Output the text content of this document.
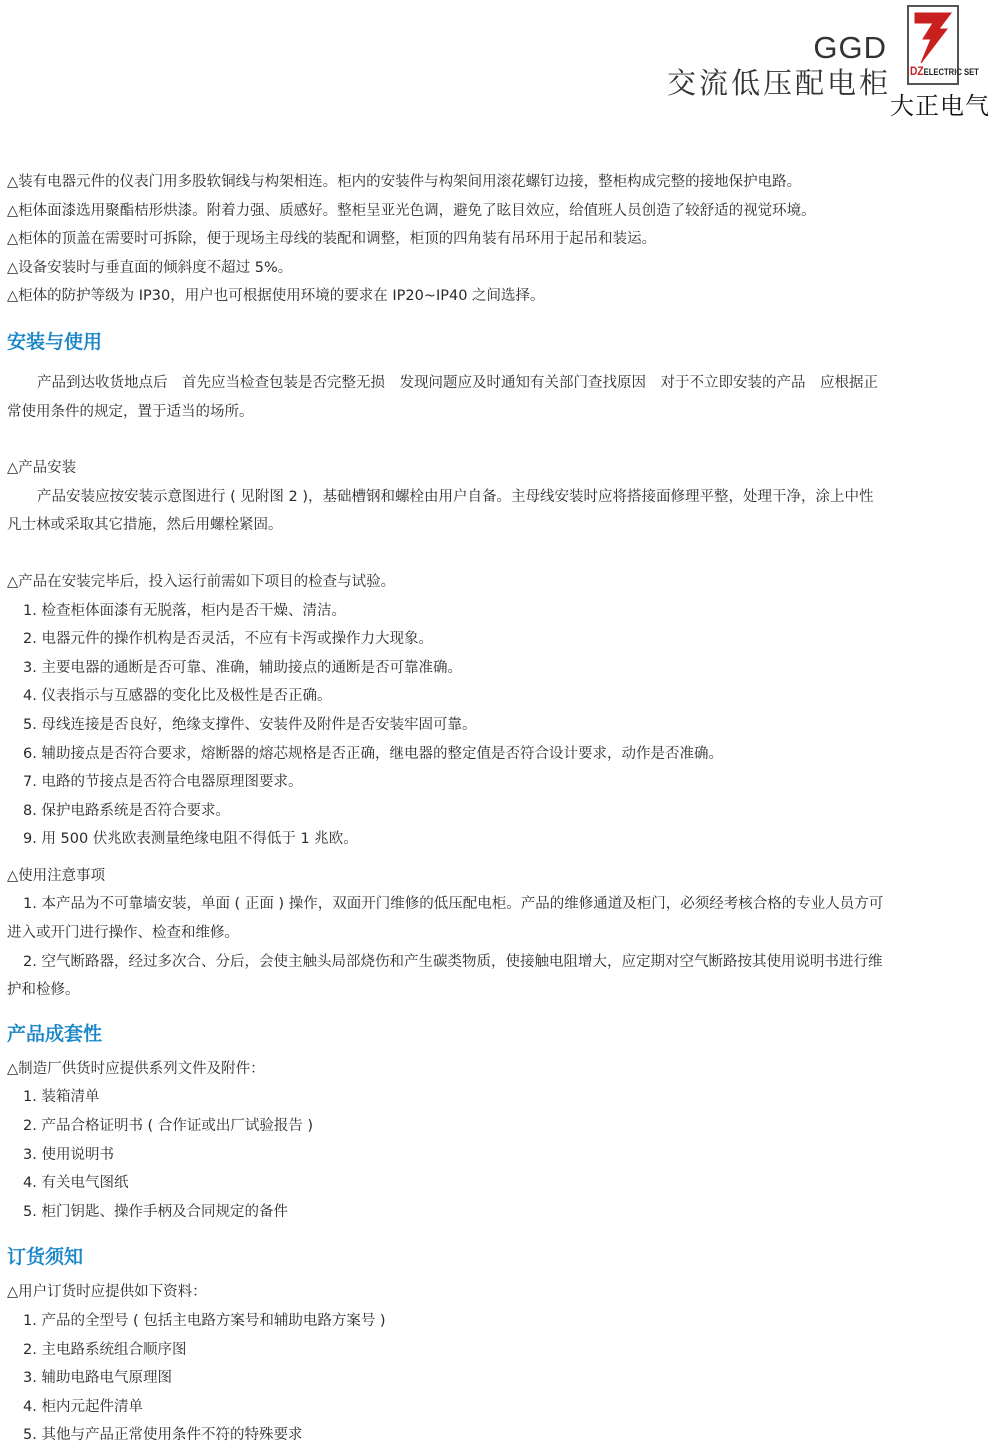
GGD
交流低压配电柜 DZELECTRIC SET
大正电气

△装有电器元件的仪表门用多股软铜线与构架相连。柜内的安装件与构架间用滚花螺钉边接，整柜构成完整的接地保护电路。

△柜体面漆选用聚酯桔形烘漆。附着力强、质感好。整柜呈亚光色调，避免了眩目效应，给值班人员创造了较舒适的视觉环境。

△柜体的顶盖在需要时可拆除，便于现场主母线的装配和调整，柜顶的四角装有吊环用于起吊和装运。

△设备安装时与垂直面的倾斜度不超过 5%。

△柜体的防护等级为 IP30，用户也可根据使用环境的要求在 IP20~IP40 之间选择。

安装与使用

产品到达收货地点后　首先应当检查包装是否完整无损　发现问题应及时通知有关部门查找原因　对于不立即安装的产品　应根据正

常使用条件的规定，置于适当的场所。

△产品安装

产品安装应按安装示意图进行 ( 见附图 2 )，基础槽钢和螺栓由用户自备。主母线安装时应将搭接面修理平整，处理干净，涂上中性

凡士林或采取其它措施，然后用螺栓紧固。

△产品在安装完毕后，投入运行前需如下项目的检查与试验。

1. 检查柜体面漆有无脱落，柜内是否干燥、清洁。

2. 电器元件的操作机构是否灵活，不应有卡泻或操作力大现象。

3. 主要电器的通断是否可靠、准确，辅助接点的通断是否可靠准确。

4. 仪表指示与互感器的变化比及极性是否正确。

5. 母线连接是否良好，绝缘支撑件、安装件及附件是否安装牢固可靠。

6. 辅助接点是否符合要求，熔断器的熔芯规格是否正确，继电器的整定值是否符合设计要求，动作是否准确。

7. 电路的节接点是否符合电器原理图要求。

8. 保护电路系统是否符合要求。

9. 用 500 伏兆欧表测量绝缘电阻不得低于 1 兆欧。

△使用注意事项

1. 本产品为不可靠墙安装，单面 ( 正面 ) 操作，双面开门维修的低压配电柜。产品的维修通道及柜门，必须经考核合格的专业人员方可

进入或开门进行操作、检查和维修。

2. 空气断路器，经过多次合、分后，会使主触头局部烧伤和产生碳类物质，使接触电阻增大，应定期对空气断路按其使用说明书进行维

护和检修。

产品成套性

△制造厂供货时应提供系列文件及附件：

1. 装箱清单

2. 产品合格证明书 ( 合作证或出厂试验报告 )

3. 使用说明书

4. 有关电气图纸

5. 柜门钥匙、操作手柄及合同规定的备件

订货须知

△用户订货时应提供如下资料：

1. 产品的全型号 ( 包括主电路方案号和辅助电路方案号 )

2. 主电路系统组合顺序图

3. 辅助电路电气原理图

4. 柜内元起件清单

5. 其他与产品正常使用条件不符的特殊要求
